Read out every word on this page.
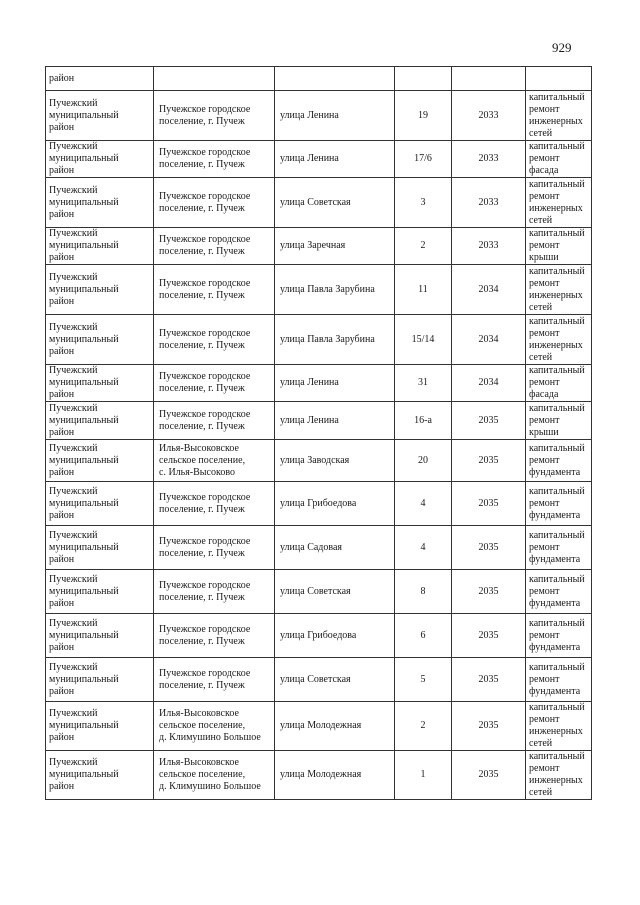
929
район					

Пучежский
муниципальный
район	Пучежское городское
поселение, г. Пучеж	улица Ленина	19	2033	капитальный
ремонт
инженерных
сетей

Пучежский
муниципальный
район	Пучежское городское
поселение, г. Пучеж	улица Ленина	17/6	2033	капитальный
ремонт фасада

Пучежский
муниципальный
район	Пучежское городское
поселение, г. Пучеж	улица Советская	3	2033	капитальный
ремонт
инженерных
сетей

Пучежский
муниципальный
район	Пучежское городское
поселение, г. Пучеж	улица Заречная	2	2033	капитальный
ремонт крыши

Пучежский
муниципальный
район	Пучежское городское
поселение, г. Пучеж	улица Павла Зарубина	11	2034	капитальный
ремонт
инженерных
сетей

Пучежский
муниципальный
район	Пучежское городское
поселение, г. Пучеж	улица Павла Зарубина	15/14	2034	капитальный
ремонт
инженерных
сетей

Пучежский
муниципальный
район	Пучежское городское
поселение, г. Пучеж	улица Ленина	31	2034	капитальный
ремонт фасада

Пучежский
муниципальный
район	Пучежское городское
поселение, г. Пучеж	улица Ленина	16-а	2035	капитальный
ремонт крыши

Пучежский
муниципальный
район	Илья-Высоковское
сельское поселение,
с. Илья-Высоково	улица Заводская	20	2035	капитальный
ремонт
фундамента

Пучежский
муниципальный
район	Пучежское городское
поселение, г. Пучеж	улица Грибоедова	4	2035	капитальный
ремонт
фундамента

Пучежский
муниципальный
район	Пучежское городское
поселение, г. Пучеж	улица Садовая	4	2035	капитальный
ремонт
фундамента

Пучежский
муниципальный
район	Пучежское городское
поселение, г. Пучеж	улица Советская	8	2035	капитальный
ремонт
фундамента

Пучежский
муниципальный
район	Пучежское городское
поселение, г. Пучеж	улица Грибоедова	6	2035	капитальный
ремонт
фундамента

Пучежский
муниципальный
район	Пучежское городское
поселение, г. Пучеж	улица Советская	5	2035	капитальный
ремонт
фундамента

Пучежский
муниципальный
район	Илья-Высоковское
сельское поселение,
д. Климушино Большое	улица Молодежная	2	2035	капитальный
ремонт
инженерных
сетей

Пучежский
муниципальный
район	Илья-Высоковское
сельское поселение,
д. Климушино Большое	улица Молодежная	1	2035	капитальный
ремонт
инженерных
сетей
